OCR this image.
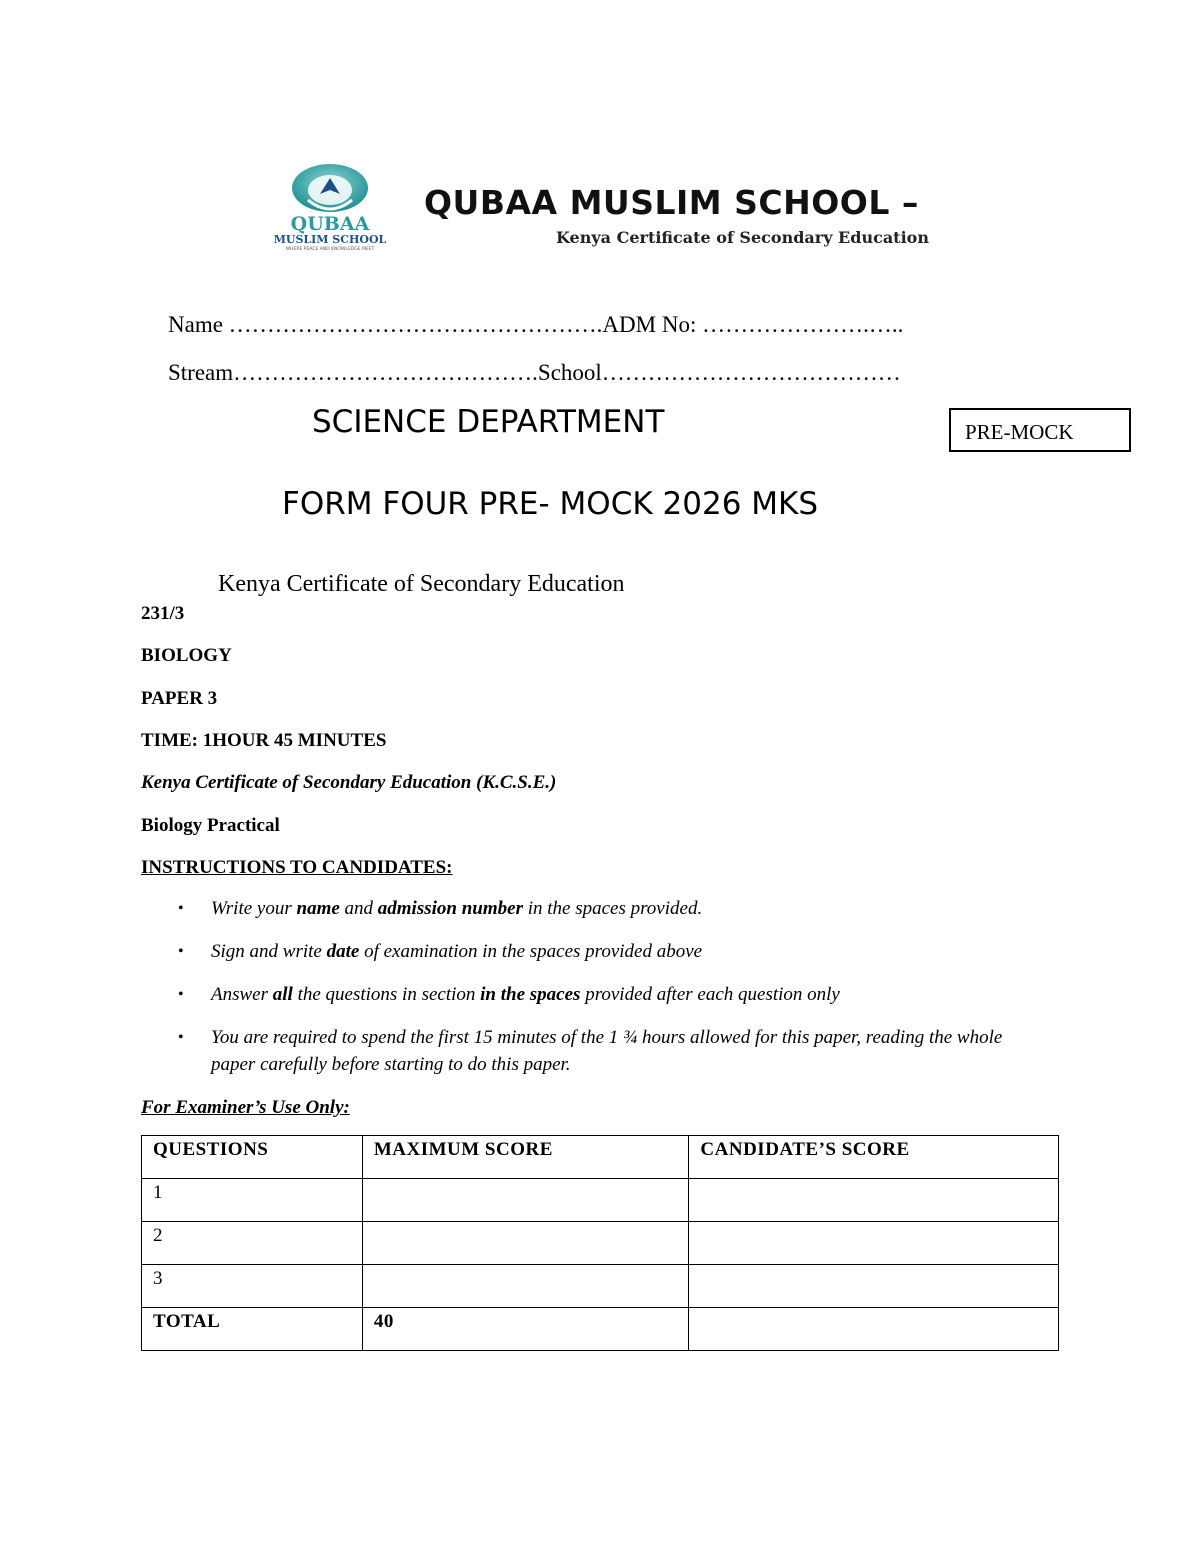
QUBAA
MUSLIM SCHOOL
WHERE PEACE AND KNOWLEDGE MEET
QUBAA MUSLIM SCHOOL –
Kenya Certificate of Secondary Education
Name ………………………………………….ADM No: ………………….…..
Stream………………………………….School…………………………………
SCIENCE DEPARTMENT	PRE-MOCK
FORM FOUR PRE- MOCK 2026 MKS
Kenya Certificate of Secondary Education
231/3
BIOLOGY
PAPER 3
TIME: 1HOUR 45 MINUTES
Kenya Certificate of Secondary Education (K.C.S.E.)
Biology Practical
INSTRUCTIONS TO CANDIDATES:
• Write your name and admission number in the spaces provided.
• Sign and write date of examination in the spaces provided above
• Answer all the questions in section in the spaces provided after each question only
• You are required to spend the first 15 minutes of the 1 ¾ hours allowed for this paper, reading the whole paper carefully before starting to do this paper.
For Examiner’s Use Only:
QUESTIONS	MAXIMUM SCORE	CANDIDATE’S SCORE
1		
2		
3		
TOTAL	40	
